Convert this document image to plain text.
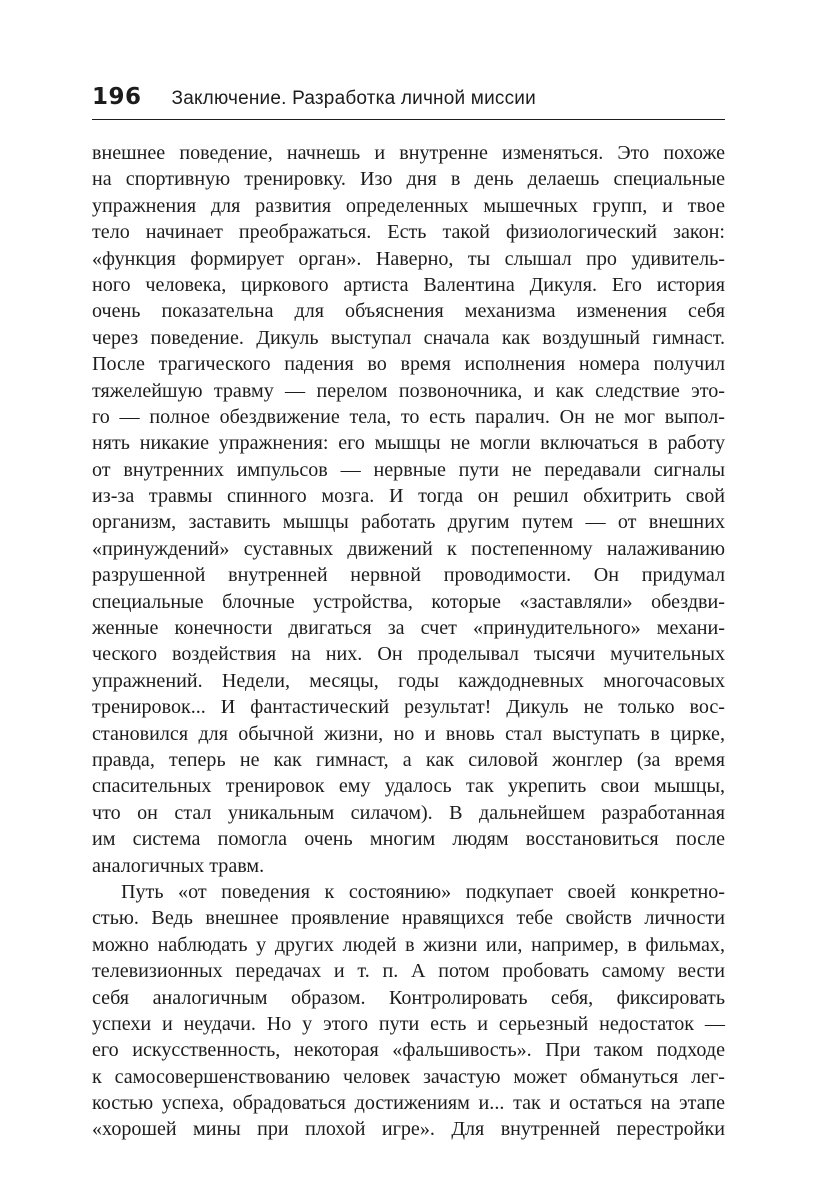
196 Заключение. Разработка личной миссии
внешнее поведение, начнешь и внутренне изменяться. Это похоже
на спортивную тренировку. Изо дня в день делаешь специальные
упражнения для развития определенных мышечных групп, и твое
тело начинает преображаться. Есть такой физиологический закон:
«функция формирует орган». Наверно, ты слышал про удивитель-
ного человека, циркового артиста Валентина Дикуля. Его история
очень показательна для объяснения механизма изменения себя
через поведение. Дикуль выступал сначала как воздушный гимнаст.
После трагического падения во время исполнения номера получил
тяжелейшую травму — перелом позвоночника, и как следствие это-
го — полное обездвижение тела, то есть паралич. Он не мог выпол-
нять никакие упражнения: его мышцы не могли включаться в работу
от внутренних импульсов — нервные пути не передавали сигналы
из-за травмы спинного мозга. И тогда он решил обхитрить свой
организм, заставить мышцы работать другим путем — от внешних
«принуждений» суставных движений к постепенному налаживанию
разрушенной внутренней нервной проводимости. Он придумал
специальные блочные устройства, которые «заставляли» обездви-
женные конечности двигаться за счет «принудительного» механи-
ческого воздействия на них. Он проделывал тысячи мучительных
упражнений. Недели, месяцы, годы каждодневных многочасовых
тренировок... И фантастический результат! Дикуль не только вос-
становился для обычной жизни, но и вновь стал выступать в цирке,
правда, теперь не как гимнаст, а как силовой жонглер (за время
спасительных тренировок ему удалось так укрепить свои мышцы,
что он стал уникальным силачом). В дальнейшем разработанная
им система помогла очень многим людям восстановиться после
аналогичных травм.
Путь «от поведения к состоянию» подкупает своей конкретно-
стью. Ведь внешнее проявление нравящихся тебе свойств личности
можно наблюдать у других людей в жизни или, например, в фильмах,
телевизионных передачах и т. п. А потом пробовать самому вести
себя аналогичным образом. Контролировать себя, фиксировать
успехи и неудачи. Но у этого пути есть и серьезный недостаток —
его искусственность, некоторая «фальшивость». При таком подходе
к самосовершенствованию человек зачастую может обмануться лег-
костью успеха, обрадоваться достижениям и... так и остаться на этапе
«хорошей мины при плохой игре». Для внутренней перестройки
